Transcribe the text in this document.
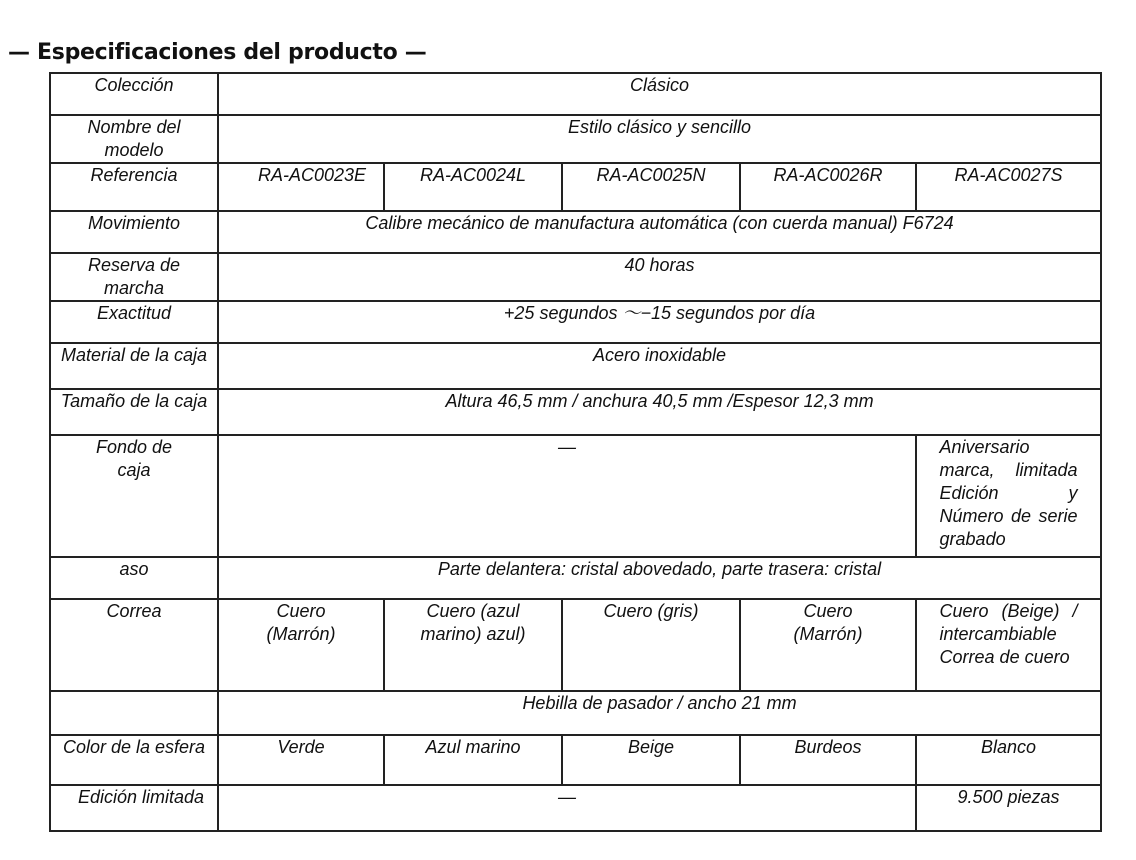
— Especificaciones del producto —
Colección	Clásico				
Nombre del modelo	Estilo clásico y sencillo				
Referencia	RA-AC0023E	RA-AC0024L	RA-AC0025N	RA-AC0026R	RA-AC0027S
Movimiento	Calibre mecánico de manufactura automática (con cuerda manual) F6724				
Reserva de marcha	40 horas				
Exactitud	+25 segundos ～−15 segundos por día				
Material de la caja	Acero inoxidable				
Tamaño de la caja	Altura 46,5 mm / anchura 40,5 mm /Espesor 12,3 mm				
Fondo de caja	—				Aniversario marca, limitada Edición y Número de serie grabado
aso	Parte delantera: cristal abovedado, parte trasera: cristal				
Correa	Cuero (Marrón)	Cuero (azul marino) azul)	Cuero (gris)	Cuero (Marrón)	Cuero (Beige) / intercambiable Correa de cuero
	Hebilla de pasador / ancho 21 mm				
Color de la esfera	Verde	Azul marino	Beige	Burdeos	Blanco
Edición limitada	—				9.500 piezas
